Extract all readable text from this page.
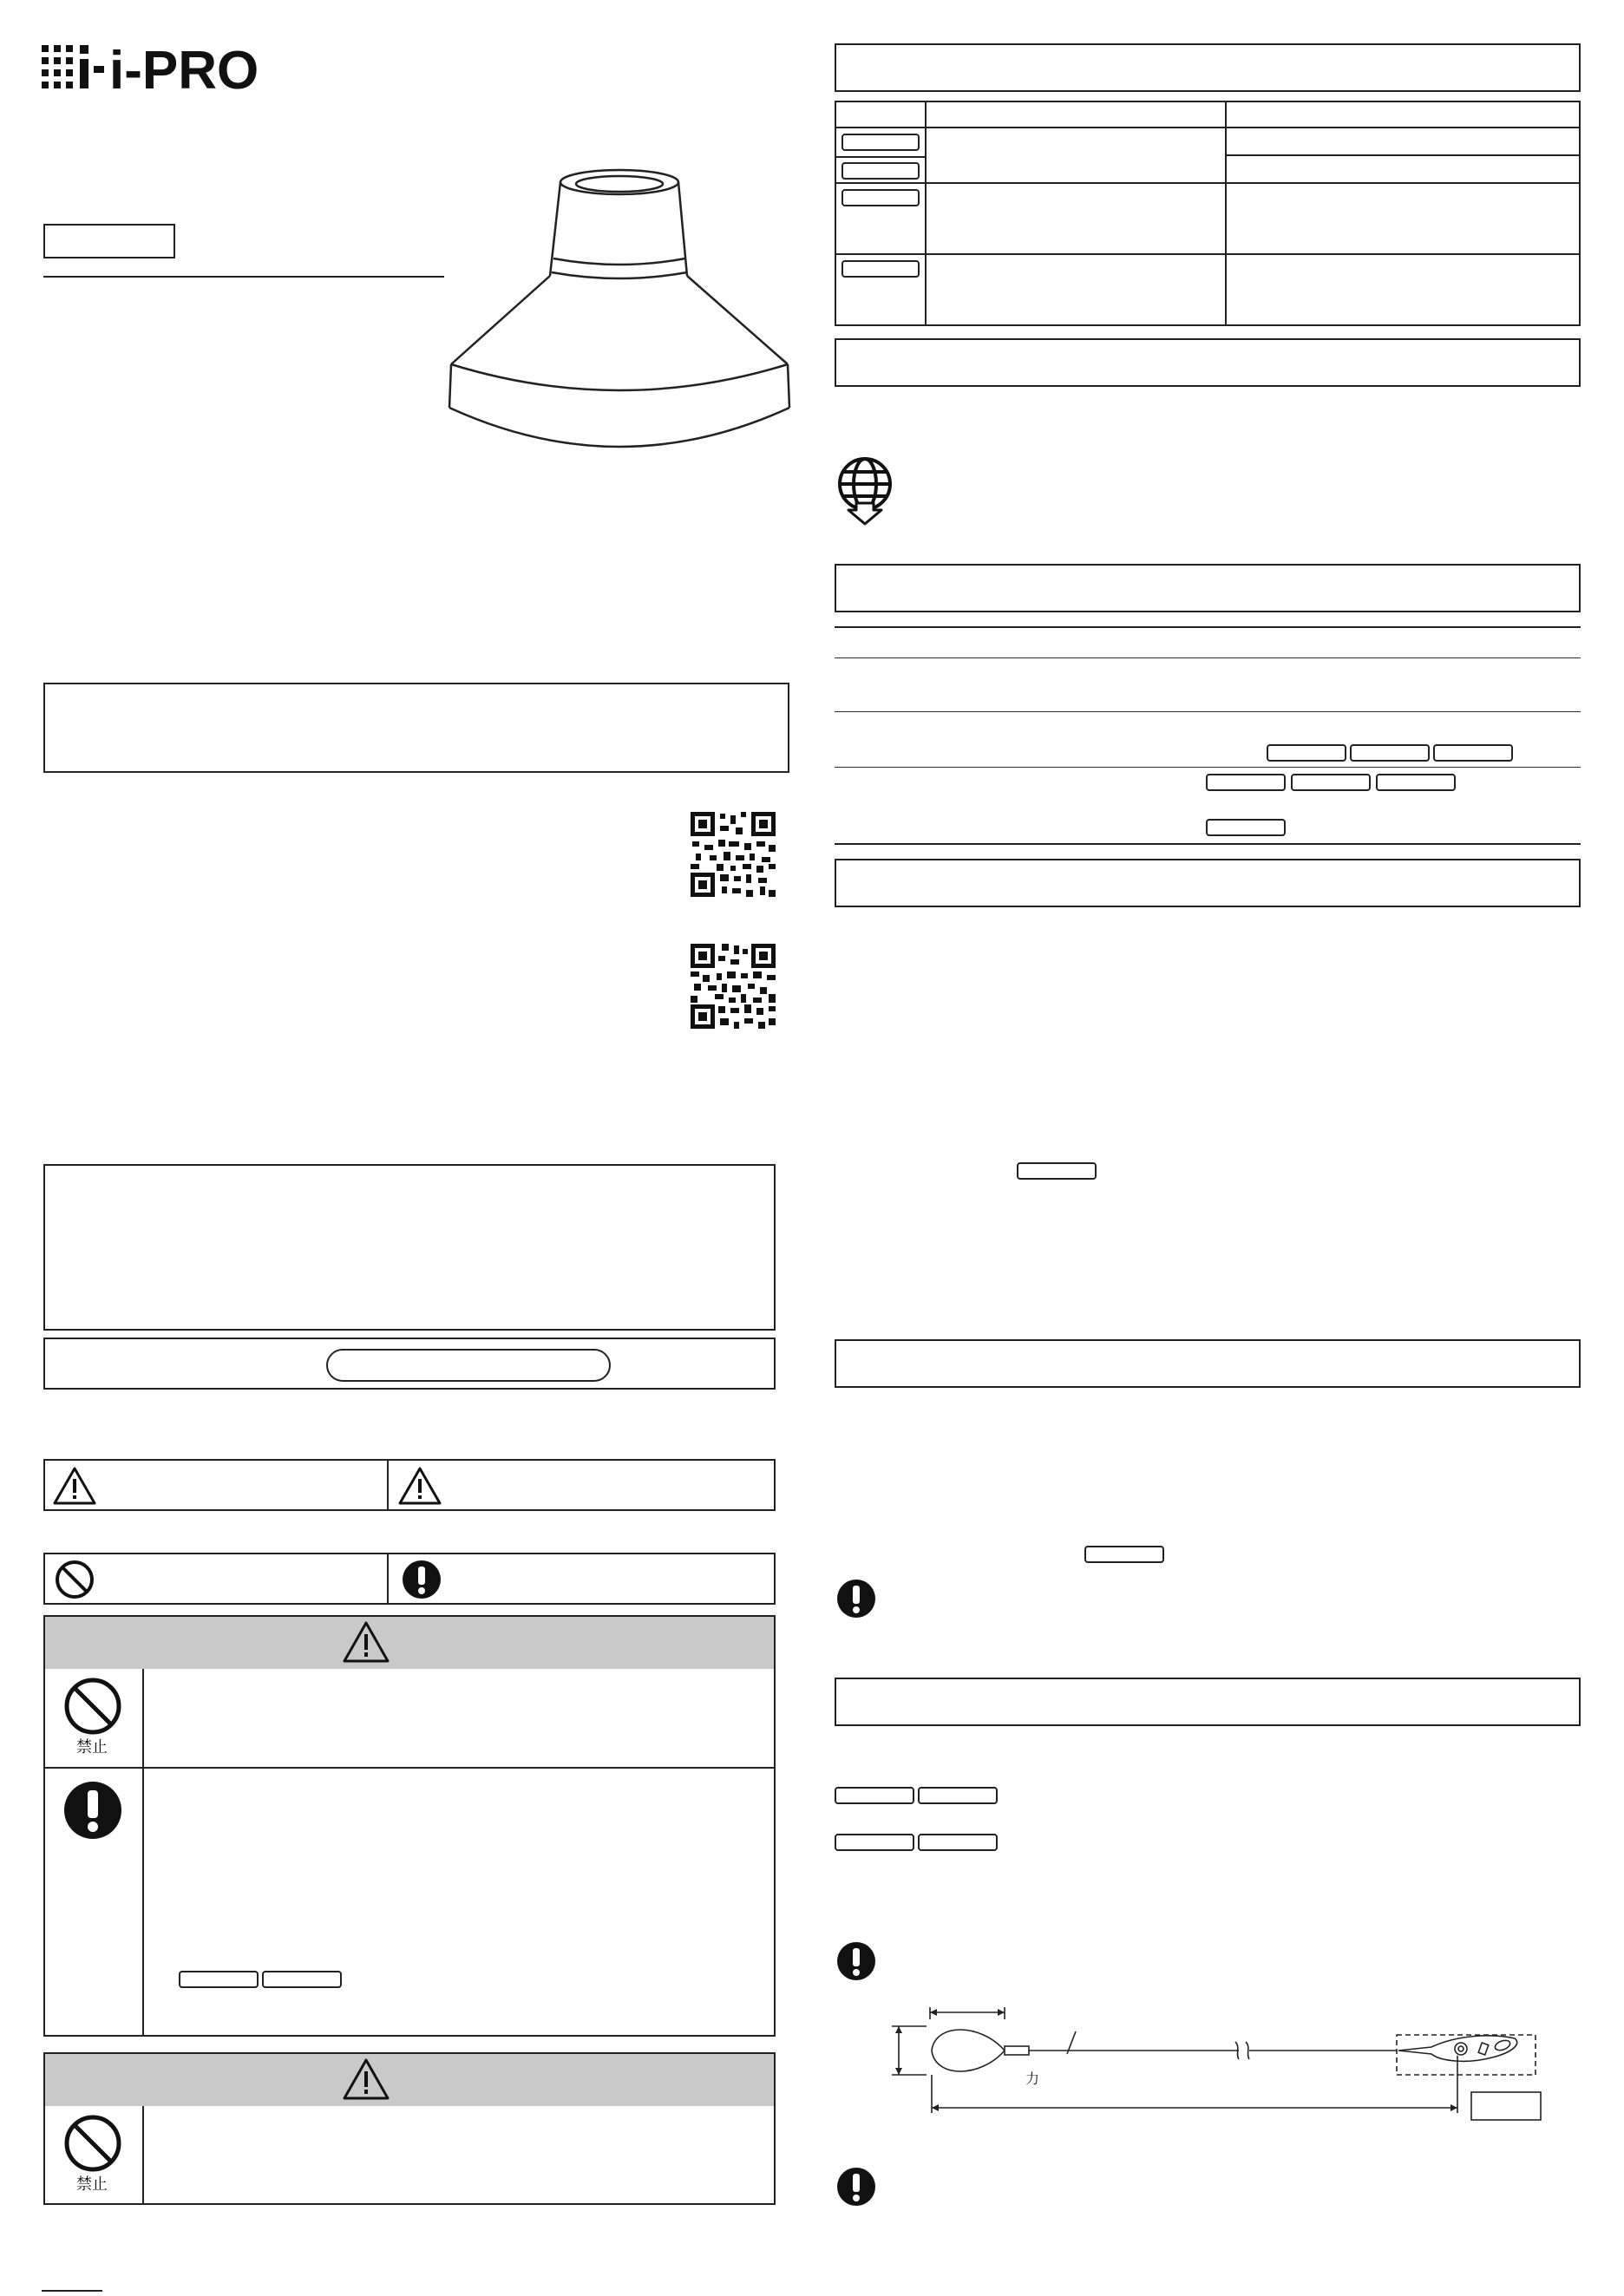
i-PRO
禁止
禁止
力
